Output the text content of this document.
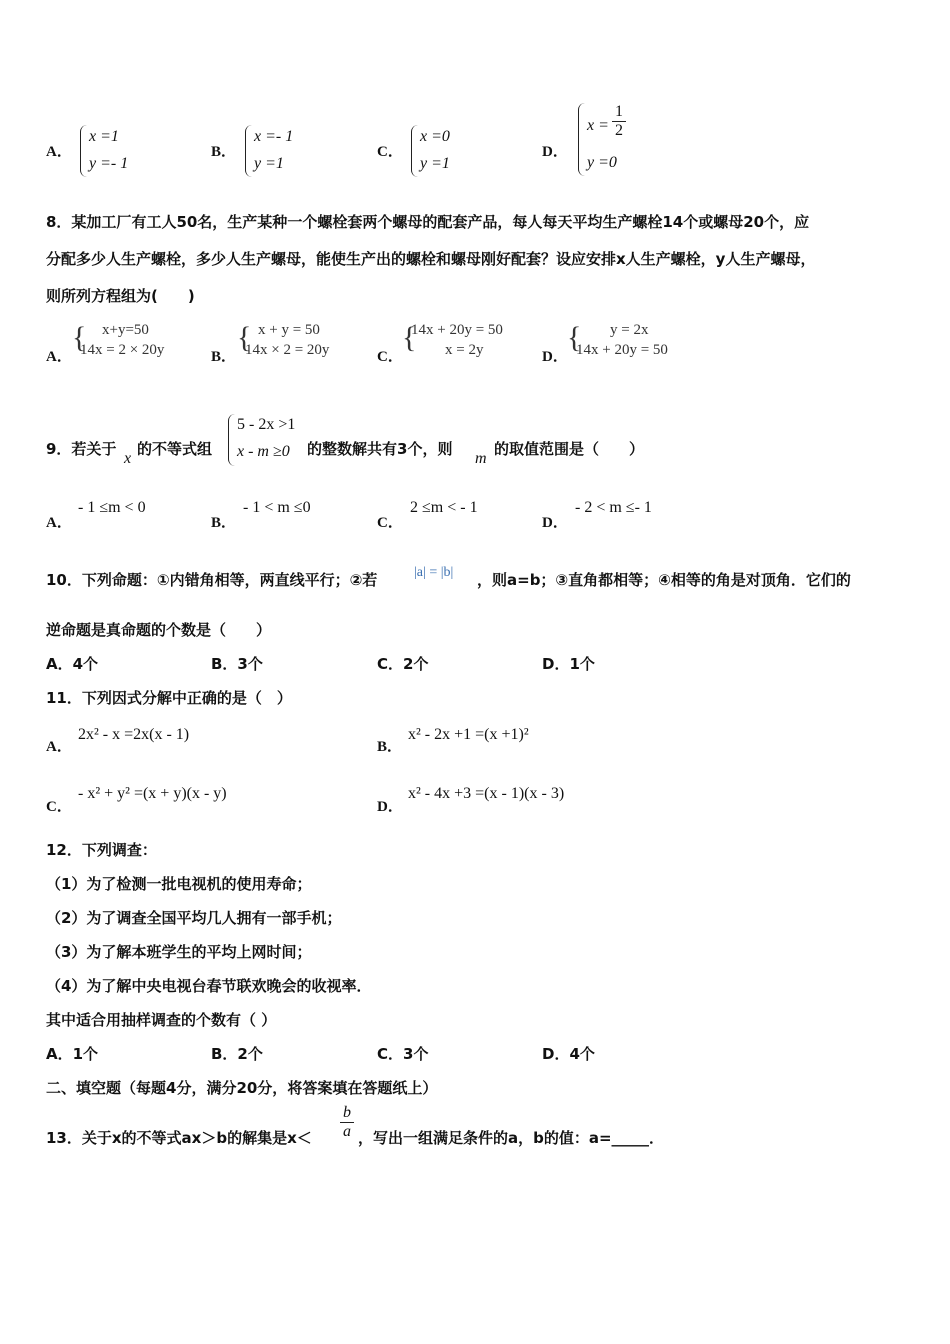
A．
x =1
y =- 1
B．
x =- 1
y =1
C．
x =0
y =1
D．
$x = \frac{1}{2}$
y =0
8．某加工厂有工人50名，生产某种一个螺栓套两个螺母的配套产品，每人每天平均生产螺栓14个或螺母20个，应
分配多少人生产螺栓，多少人生产螺母，能使生产出的螺栓和螺母刚好配套？设应安排x人生产螺栓，y人生产螺母，
则所列方程组为(　　)
A．
{ x+y=50
14x = 2 × 20y	B．
{ x + y = 50
14x × 2 = 20y	C．
{
14x + 20y = 50
x = 2y	D．
{ y = 2x
14x + 20y = 50
9．若关于
x
的不等式组
5 - 2x >1
x - m ≥0 的整数解共有3个，则
m
的取值范围是（　　）
A．
- 1 ≤m < 0
B．
- 1 < m ≤0
C．
2 ≤m < - 1
D．
- 2 < m ≤- 1
10．下列命题：①内错角相等，两直线平行；②若	|a| = |b| ，则a=b；③直角都相等；④相等的角是对顶角．它们的
逆命题是真命题的个数是（　　）
A．4个	B．3个	C．2个	D．1个
11．下列因式分解中正确的是（　）
A．
2x² - x =2x(x - 1)
B．
x² - 2x +1 =(x +1)²
C．
- x² + y² =(x + y)(x - y)
D．
x² - 4x +3 =(x - 1)(x - 3)
12．下列调查：
（1）为了检测一批电视机的使用寿命；
（2）为了调查全国平均几人拥有一部手机；
（3）为了解本班学生的平均上网时间；
（4）为了解中央电视台春节联欢晚会的收视率．
其中适合用抽样调查的个数有（ ）
A．1个	B．2个	C．3个	D．4个
二、填空题（每题4分，满分20分，将答案填在答题纸上）
13．关于x的不等式ax＞b的解集是$x< \frac{b}{a}$ ，写出一组满足条件的a，b的值：a=_____．
